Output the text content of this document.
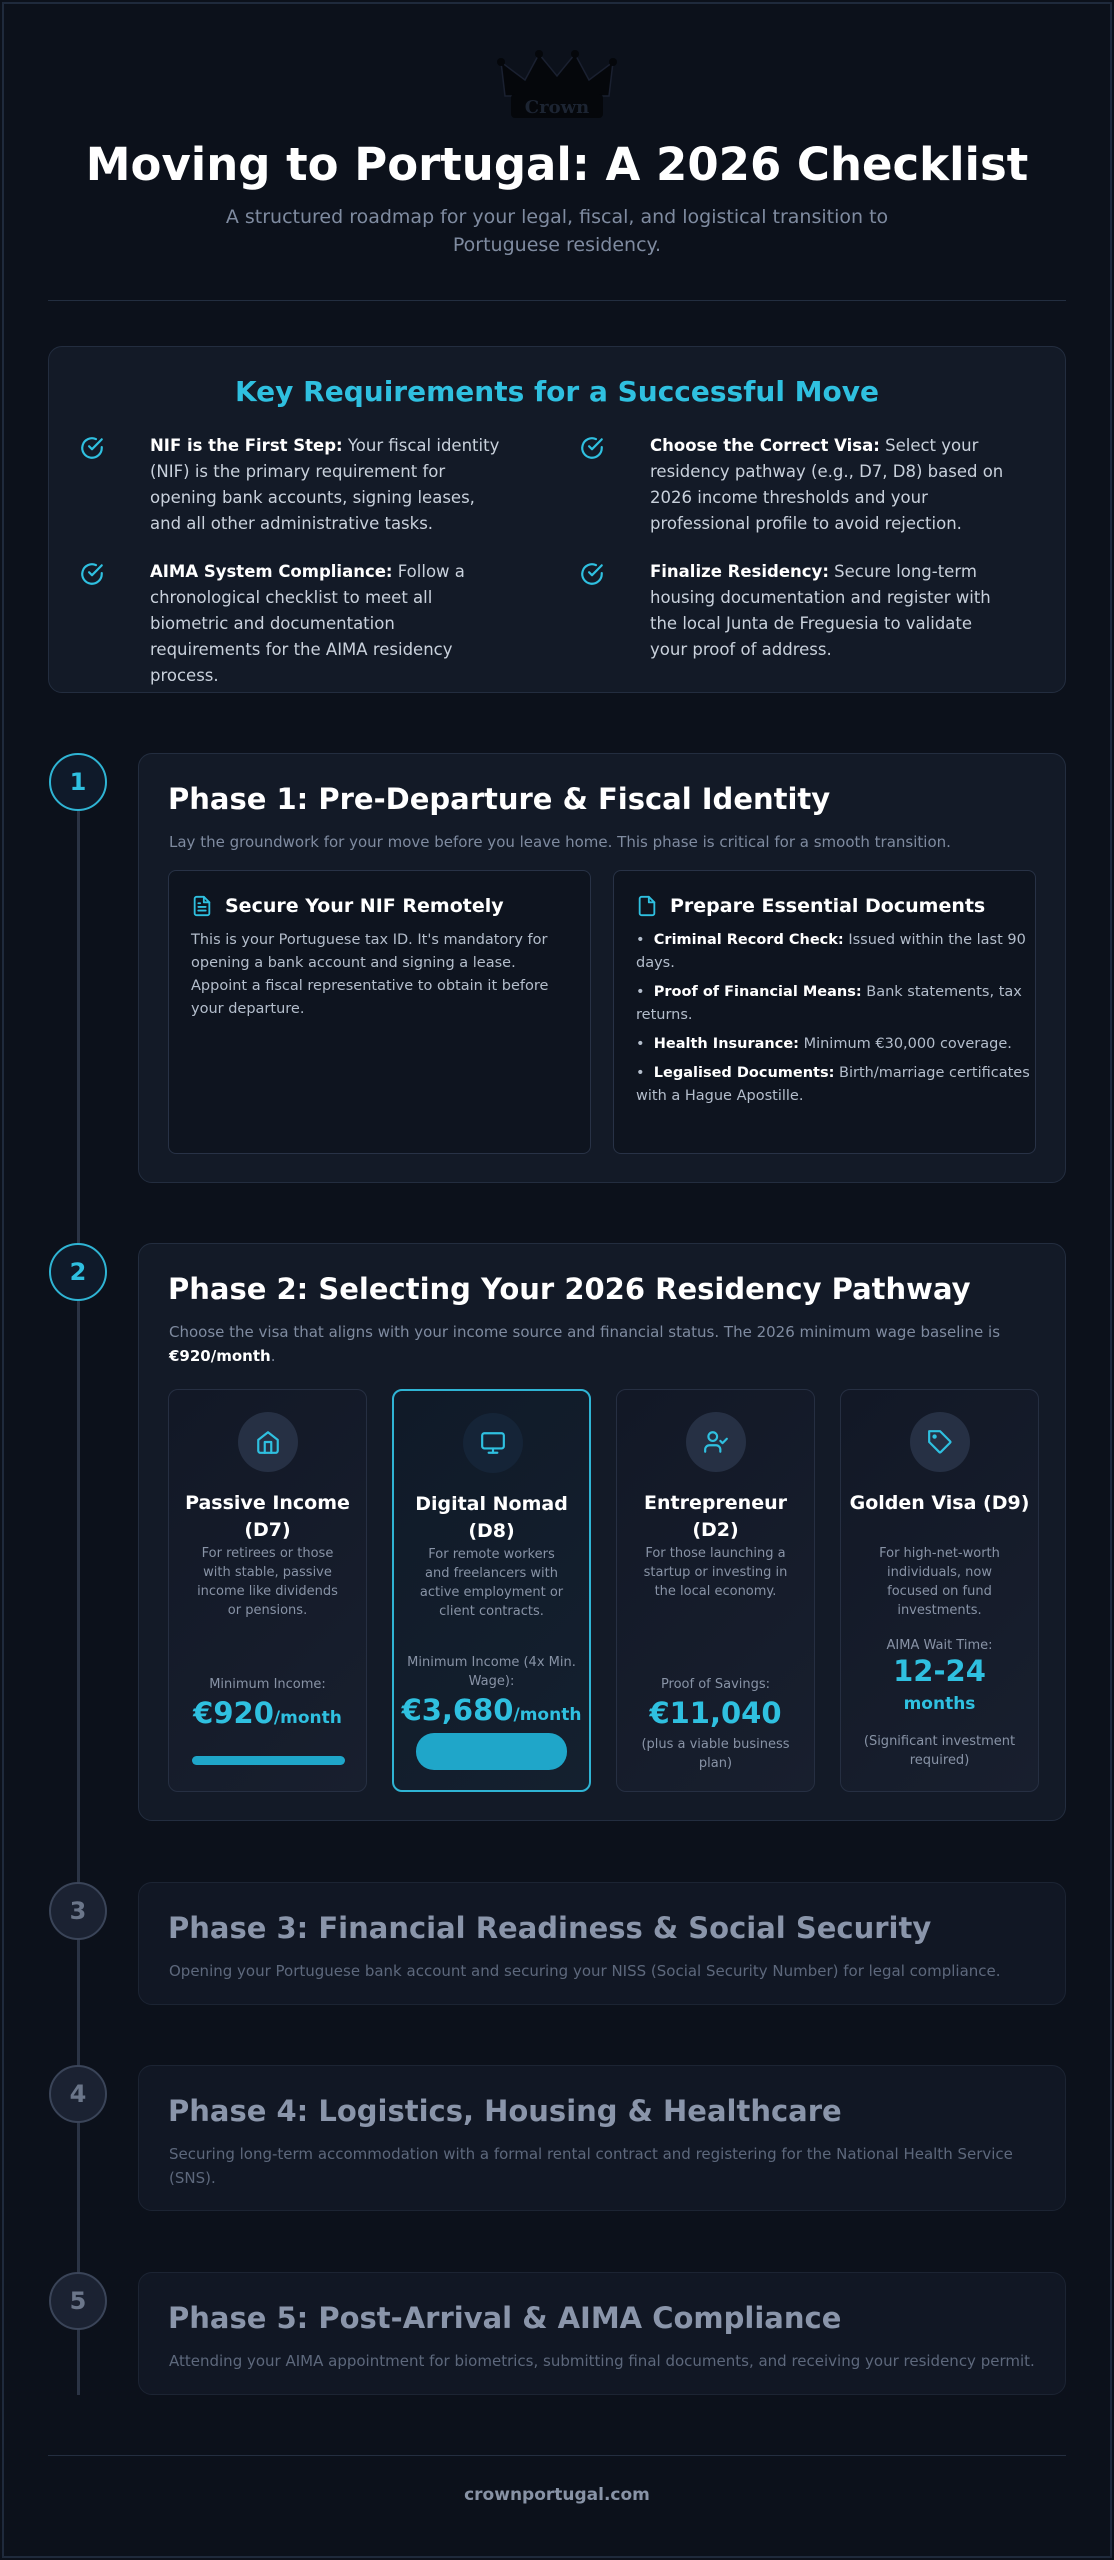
Crown
Moving to Portugal: A 2026 Checklist

A structured roadmap for your legal, fiscal, and logistical transition to Portuguese residency.

Key Requirements for a Successful Move

NIF is the First Step: Your fiscal identity (NIF) is the primary requirement for opening bank accounts, signing leases, and all other administrative tasks.

Choose the Correct Visa: Select your residency pathway (e.g., D7, D8) based on 2026 income thresholds and your professional profile to avoid rejection.

AIMA System Compliance: Follow a chronological checklist to meet all biometric and documentation requirements for the AIMA residency process.

Finalize Residency: Secure long-term housing documentation and register with the local Junta de Freguesia to validate your proof of address.

1
2
3
4
5
Phase 1: Pre-Departure & Fiscal Identity

Lay the groundwork for your move before you leave home. This phase is critical for a smooth transition.

Secure Your NIF Remotely

This is your Portuguese tax ID. It's mandatory for opening a bank account and signing a lease. Appoint a fiscal representative to obtain it before your departure.

Prepare Essential Documents
•  Criminal Record Check: Issued within the last 90 days.
•  Proof of Financial Means: Bank statements, tax returns.
•  Health Insurance: Minimum €30,000 coverage.
•  Legalised Documents: Birth/marriage certificates with a Hague Apostille.
Phase 2: Selecting Your 2026 Residency Pathway

Choose the visa that aligns with your income source and financial status. The 2026 minimum wage baseline is €920/month.

Passive Income (D7)

For retirees or those with stable, passive income like dividends or pensions.

Minimum Income:

€920/month

Digital Nomad (D8)

For remote workers and freelancers with active employment or client contracts.

Minimum Income (4x Min. Wage):

€3,680/month

Entrepreneur (D2)

For those launching a startup or investing in the local economy.

Proof of Savings:

€11,040

(plus a viable business plan)

Golden Visa (D9)

For high-net-worth individuals, now focused on fund investments.

AIMA Wait Time:

12-24

months

(Significant investment required)

Phase 3: Financial Readiness & Social Security

Opening your Portuguese bank account and securing your NISS (Social Security Number) for legal compliance.

Phase 4: Logistics, Housing & Healthcare

Securing long-term accommodation with a formal rental contract and registering for the National Health Service (SNS).

Phase 5: Post-Arrival & AIMA Compliance

Attending your AIMA appointment for biometrics, submitting final documents, and receiving your residency permit.

crownportugal.com
